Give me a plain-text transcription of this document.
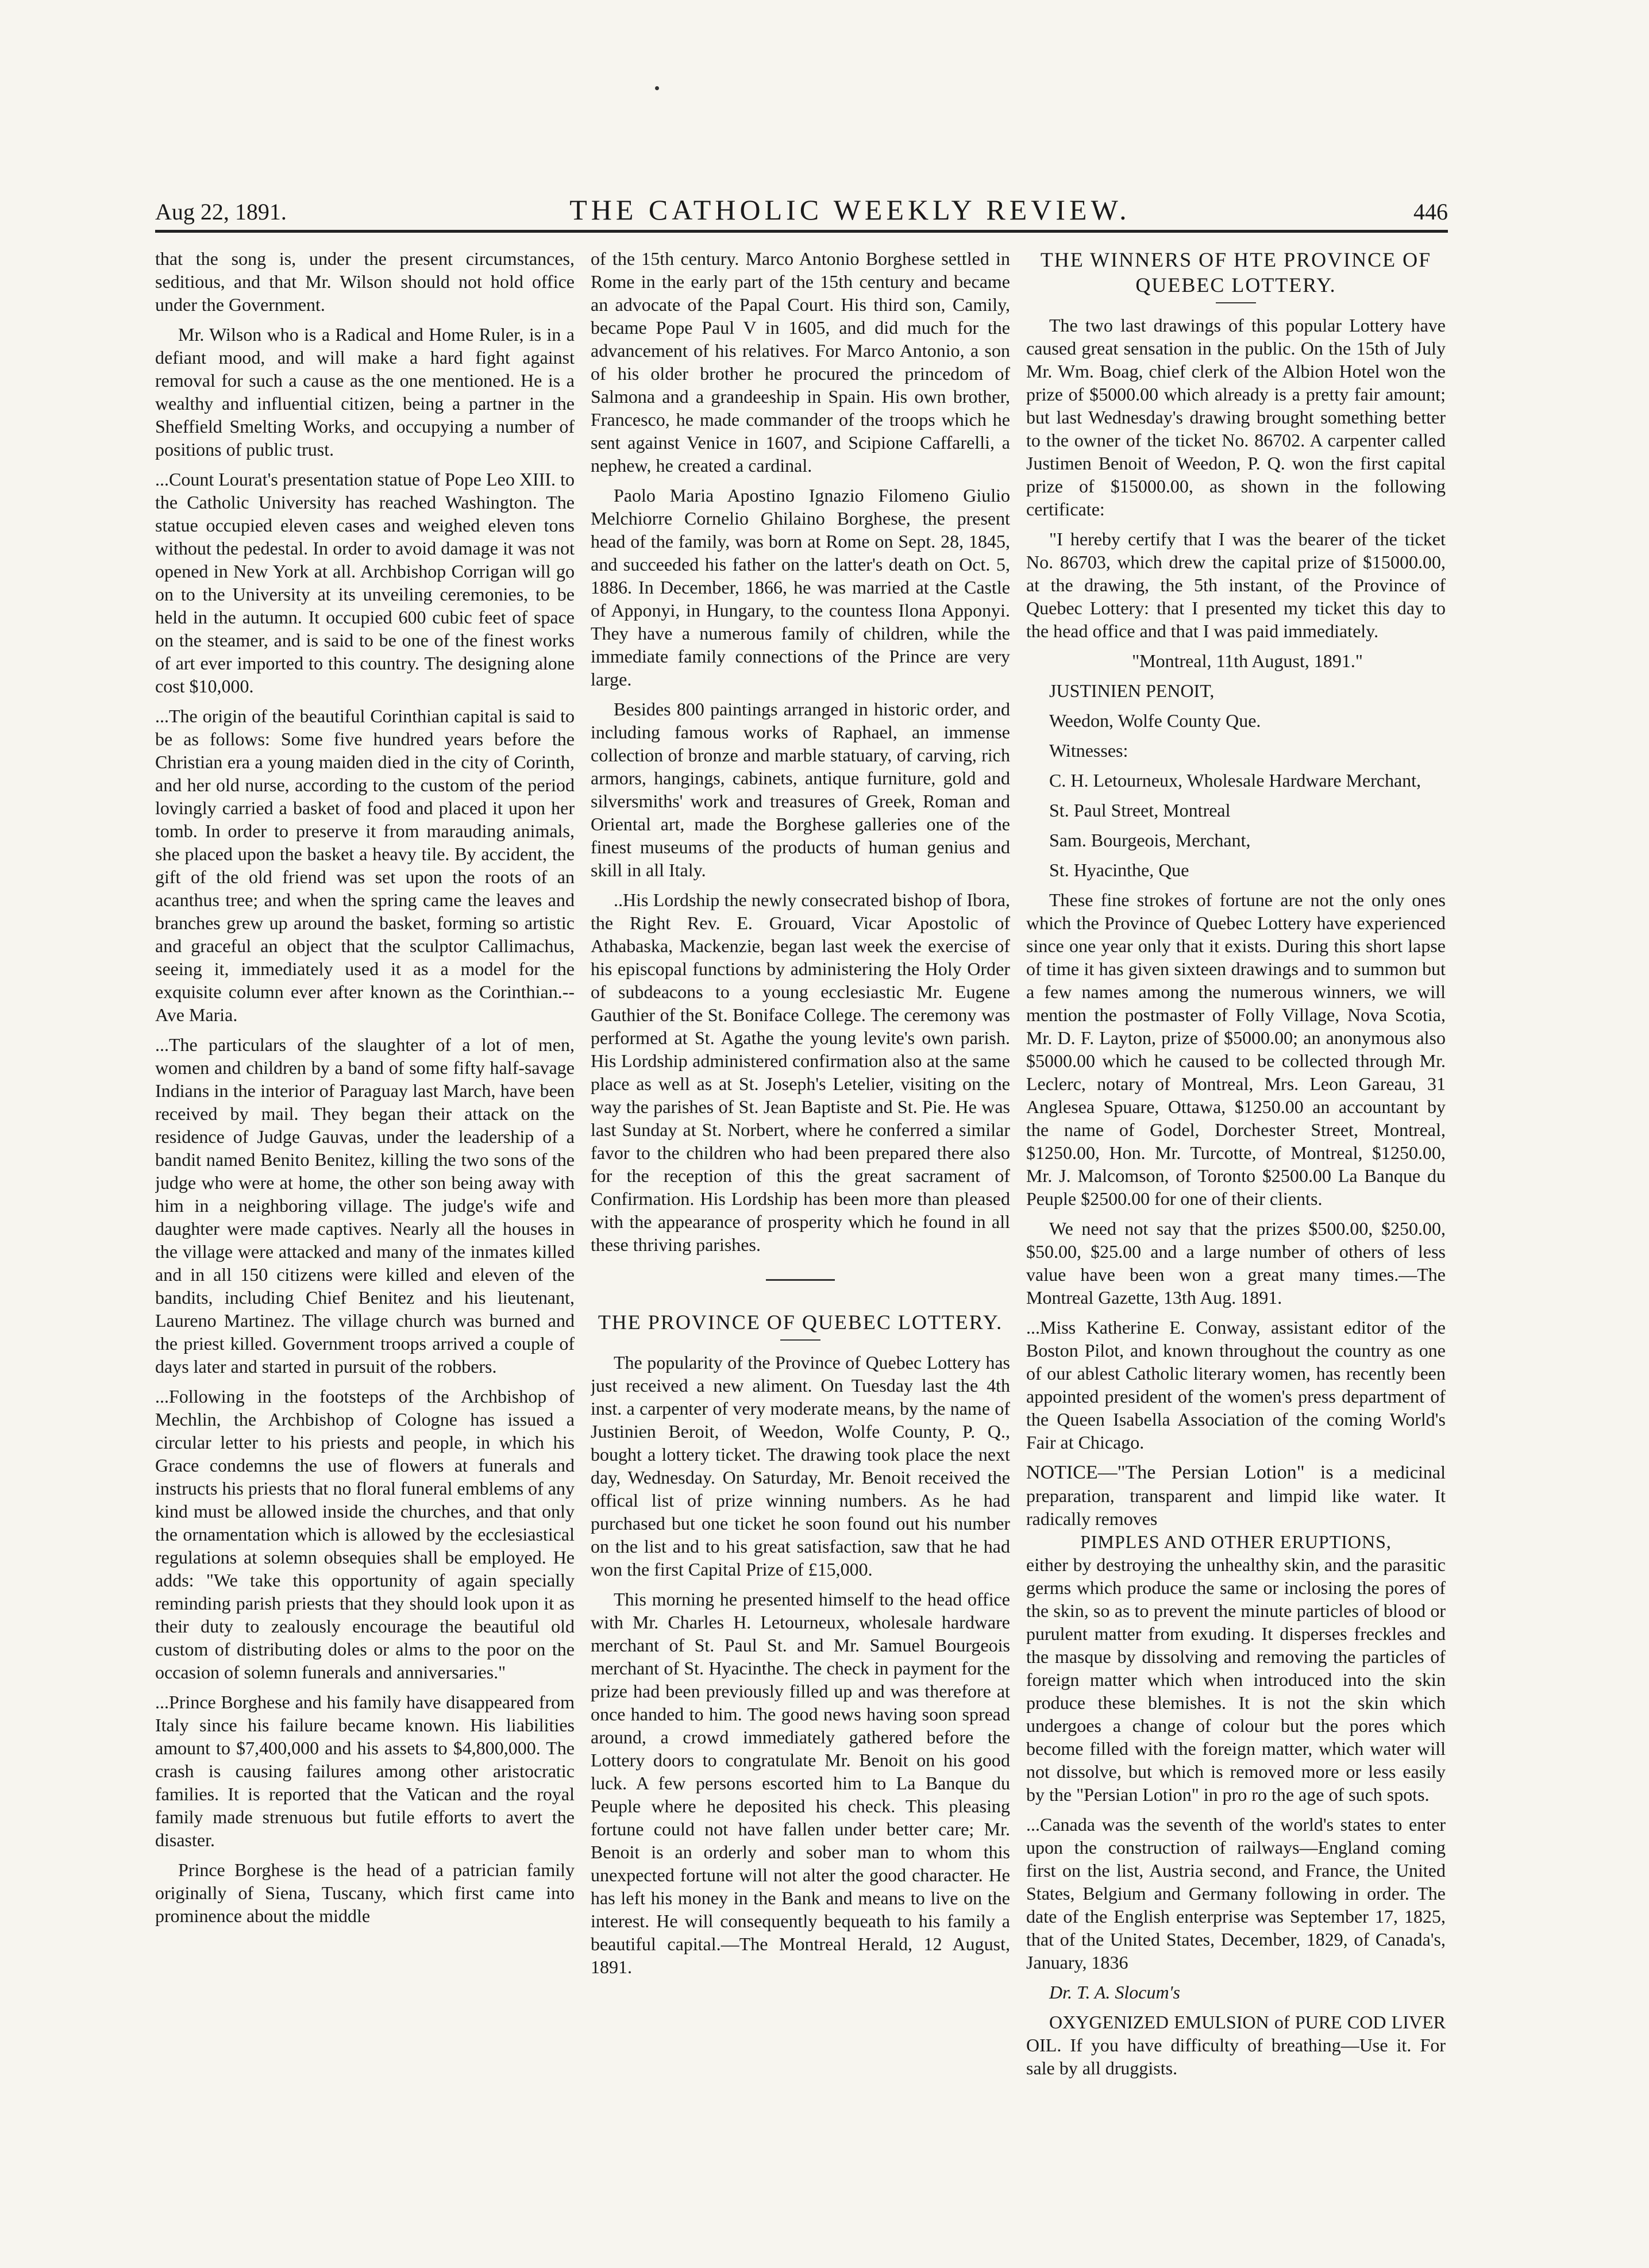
Aug 22, 1891.	THE CATHOLIC WEEKLY REVIEW.	446

that the song is, under the present circumstances, seditious, and that Mr. Wilson should not hold office under the Government.

Mr. Wilson who is a Radical and Home Ruler, is in a defiant mood, and will make a hard fight against removal for such a cause as the one mentioned. He is a wealthy and influential citizen, being a partner in the Sheffield Smelting Works, and occupying a number of positions of public trust.

...Count Lourat's presentation statue of Pope Leo XIII. to the Catholic University has reached Washington. The statue occupied eleven cases and weighed eleven tons without the pedestal. In order to avoid damage it was not opened in New York at all. Archbishop Corrigan will go on to the University at its unveiling ceremonies, to be held in the autumn. It occupied 600 cubic feet of space on the steamer, and is said to be one of the finest works of art ever imported to this country. The designing alone cost $10,000.

...The origin of the beautiful Corinthian capital is said to be as follows: Some five hundred years before the Christian era a young maiden died in the city of Corinth, and her old nurse, according to the custom of the period lovingly carried a basket of food and placed it upon her tomb. In order to preserve it from marauding animals, she placed upon the basket a heavy tile. By accident, the gift of the old friend was set upon the roots of an acanthus tree; and when the spring came the leaves and branches grew up around the basket, forming so artistic and graceful an object that the sculptor Callimachus, seeing it, immediately used it as a model for the exquisite column ever after known as the Corinthian.--Ave Maria.

...The particulars of the slaughter of a lot of men, women and children by a band of some fifty half-savage Indians in the interior of Paraguay last March, have been received by mail. They began their attack on the residence of Judge Gauvas, under the leadership of a bandit named Benito Benitez, killing the two sons of the judge who were at home, the other son being away with him in a neighboring village. The judge's wife and daughter were made captives. Nearly all the houses in the village were attacked and many of the inmates killed and in all 150 citizens were killed and eleven of the bandits, including Chief Benitez and his lieutenant, Laureno Martinez. The village church was burned and the priest killed. Government troops arrived a couple of days later and started in pursuit of the robbers.

...Following in the footsteps of the Archbishop of Mechlin, the Archbishop of Cologne has issued a circular letter to his priests and people, in which his Grace condemns the use of flowers at funerals and instructs his priests that no floral funeral emblems of any kind must be allowed inside the churches, and that only the ornamentation which is allowed by the ecclesiastical regulations at solemn obsequies shall be employed. He adds: "We take this opportunity of again specially reminding parish priests that they should look upon it as their duty to zealously encourage the beautiful old custom of distributing doles or alms to the poor on the occasion of solemn funerals and anniversaries."

...Prince Borghese and his family have disappeared from Italy since his failure became known. His liabilities amount to $7,400,000 and his assets to $4,800,000. The crash is causing failures among other aristocratic families. It is reported that the Vatican and the royal family made strenuous but futile efforts to avert the disaster.

Prince Borghese is the head of a patrician family originally of Siena, Tuscany, which first came into prominence about the middle

of the 15th century. Marco Antonio Borghese settled in Rome in the early part of the 15th century and became an advocate of the Papal Court. His third son, Camily, became Pope Paul V in 1605, and did much for the advancement of his relatives. For Marco Antonio, a son of his older brother he procured the princedom of Salmona and a grandeeship in Spain. His own brother, Francesco, he made commander of the troops which he sent against Venice in 1607, and Scipione Caffarelli, a nephew, he created a cardinal.

Paolo Maria Apostino Ignazio Filomeno Giulio Melchiorre Cornelio Ghilaino Borghese, the present head of the family, was born at Rome on Sept. 28, 1845, and succeeded his father on the latter's death on Oct. 5, 1886. In December, 1866, he was married at the Castle of Apponyi, in Hungary, to the countess Ilona Apponyi. They have a numerous family of children, while the immediate family connections of the Prince are very large.

Besides 800 paintings arranged in historic order, and including famous works of Raphael, an immense collection of bronze and marble statuary, of carving, rich armors, hangings, cabinets, antique furniture, gold and silversmiths' work and treasures of Greek, Roman and Oriental art, made the Borghese galleries one of the finest museums of the products of human genius and skill in all Italy.

..His Lordship the newly consecrated bishop of Ibora, the Right Rev. E. Grouard, Vicar Apostolic of Athabaska, Mackenzie, began last week the exercise of his episcopal functions by administering the Holy Order of subdeacons to a young ecclesiastic Mr. Eugene Gauthier of the St. Boniface College. The ceremony was performed at St. Agathe the young levite's own parish. His Lordship administered confirmation also at the same place as well as at St. Joseph's Letelier, visiting on the way the parishes of St. Jean Baptiste and St. Pie. He was last Sunday at St. Norbert, where he conferred a similar favor to the children who had been prepared there also for the reception of this the great sacrament of Confirmation. His Lordship has been more than pleased with the appearance of prosperity which he found in all these thriving parishes.

THE PROVINCE OF QUEBEC LOTTERY.

The popularity of the Province of Quebec Lottery has just received a new aliment. On Tuesday last the 4th inst. a carpenter of very moderate means, by the name of Justinien Beroit, of Weedon, Wolfe County, P. Q., bought a lottery ticket. The drawing took place the next day, Wednesday. On Saturday, Mr. Benoit received the offical list of prize winning numbers. As he had purchased but one ticket he soon found out his number on the list and to his great satisfaction, saw that he had won the first Capital Prize of £15,000.

This morning he presented himself to the head office with Mr. Charles H. Letourneux, wholesale hardware merchant of St. Paul St. and Mr. Samuel Bourgeois merchant of St. Hyacinthe. The check in payment for the prize had been previously filled up and was therefore at once handed to him. The good news having soon spread around, a crowd immediately gathered before the Lottery doors to congratulate Mr. Benoit on his good luck. A few persons escorted him to La Banque du Peuple where he deposited his check. This pleasing fortune could not have fallen under better care; Mr. Benoit is an orderly and sober man to whom this unexpected fortune will not alter the good character. He has left his money in the Bank and means to live on the interest. He will consequently bequeath to his family a beautiful capital.—The Montreal Herald, 12 August, 1891.

THE WINNERS OF HTE PROVINCE OF QUEBEC LOTTERY.

The two last drawings of this popular Lottery have caused great sensation in the public. On the 15th of July Mr. Wm. Boag, chief clerk of the Albion Hotel won the prize of $5000.00 which already is a pretty fair amount; but last Wednesday's drawing brought something better to the owner of the ticket No. 86702. A carpenter called Justimen Benoit of Weedon, P. Q. won the first capital prize of $15000.00, as shown in the following certificate:

"I hereby certify that I was the bearer of the ticket No. 86703, which drew the capital prize of $15000.00, at the drawing, the 5th instant, of the Province of Quebec Lottery: that I presented my ticket this day to the head office and that I was paid immediately.

"Montreal, 11th August, 1891."

JUSTINIEN PENOIT,

Weedon, Wolfe County Que.

Witnesses:

C. H. Letourneux, Wholesale Hardware Merchant,

St. Paul Street, Montreal

Sam. Bourgeois, Merchant,

St. Hyacinthe, Que

These fine strokes of fortune are not the only ones which the Province of Quebec Lottery have experienced since one year only that it exists. During this short lapse of time it has given sixteen drawings and to summon but a few names among the numerous winners, we will mention the postmaster of Folly Village, Nova Scotia, Mr. D. F. Layton, prize of $5000.00; an anonymous also $5000.00 which he caused to be collected through Mr. Leclerc, notary of Montreal, Mrs. Leon Gareau, 31 Anglesea Spuare, Ottawa, $1250.00 an accountant by the name of Godel, Dorchester Street, Montreal, $1250.00, Hon. Mr. Turcotte, of Montreal, $1250.00, Mr. J. Malcomson, of Toronto $2500.00 La Banque du Peuple $2500.00 for one of their clients.

We need not say that the prizes $500.00, $250.00, $50.00, $25.00 and a large number of others of less value have been won a great many times.—The Montreal Gazette, 13th Aug. 1891.

...Miss Katherine E. Conway, assistant editor of the Boston Pilot, and known throughout the country as one of our ablest Catholic literary women, has recently been appointed president of the women's press department of the Queen Isabella Association of the coming World's Fair at Chicago.

NOTICE—"The Persian Lotion" is a medicinal preparation, transparent and limpid like water. It radically removes

PIMPLES AND OTHER ERUPTIONS,

either by destroying the unhealthy skin, and the parasitic germs which produce the same or inclosing the pores of the skin, so as to prevent the minute particles of blood or purulent matter from exuding. It disperses freckles and the masque by dissolving and removing the particles of foreign matter which when introduced into the skin produce these blemishes. It is not the skin which undergoes a change of colour but the pores which become filled with the foreign matter, which water will not dissolve, but which is removed more or less easily by the "Persian Lotion" in pro ro the age of such spots.

...Canada was the seventh of the world's states to enter upon the construction of railways—England coming first on the list, Austria second, and France, the United States, Belgium and Germany following in order. The date of the English enterprise was September 17, 1825, that of the United States, December, 1829, of Canada's, January, 1836

Dr. T. A. Slocum's

OXYGENIZED EMULSION of PURE COD LIVER OIL. If you have difficulty of breathing—Use it. For sale by all druggists.
